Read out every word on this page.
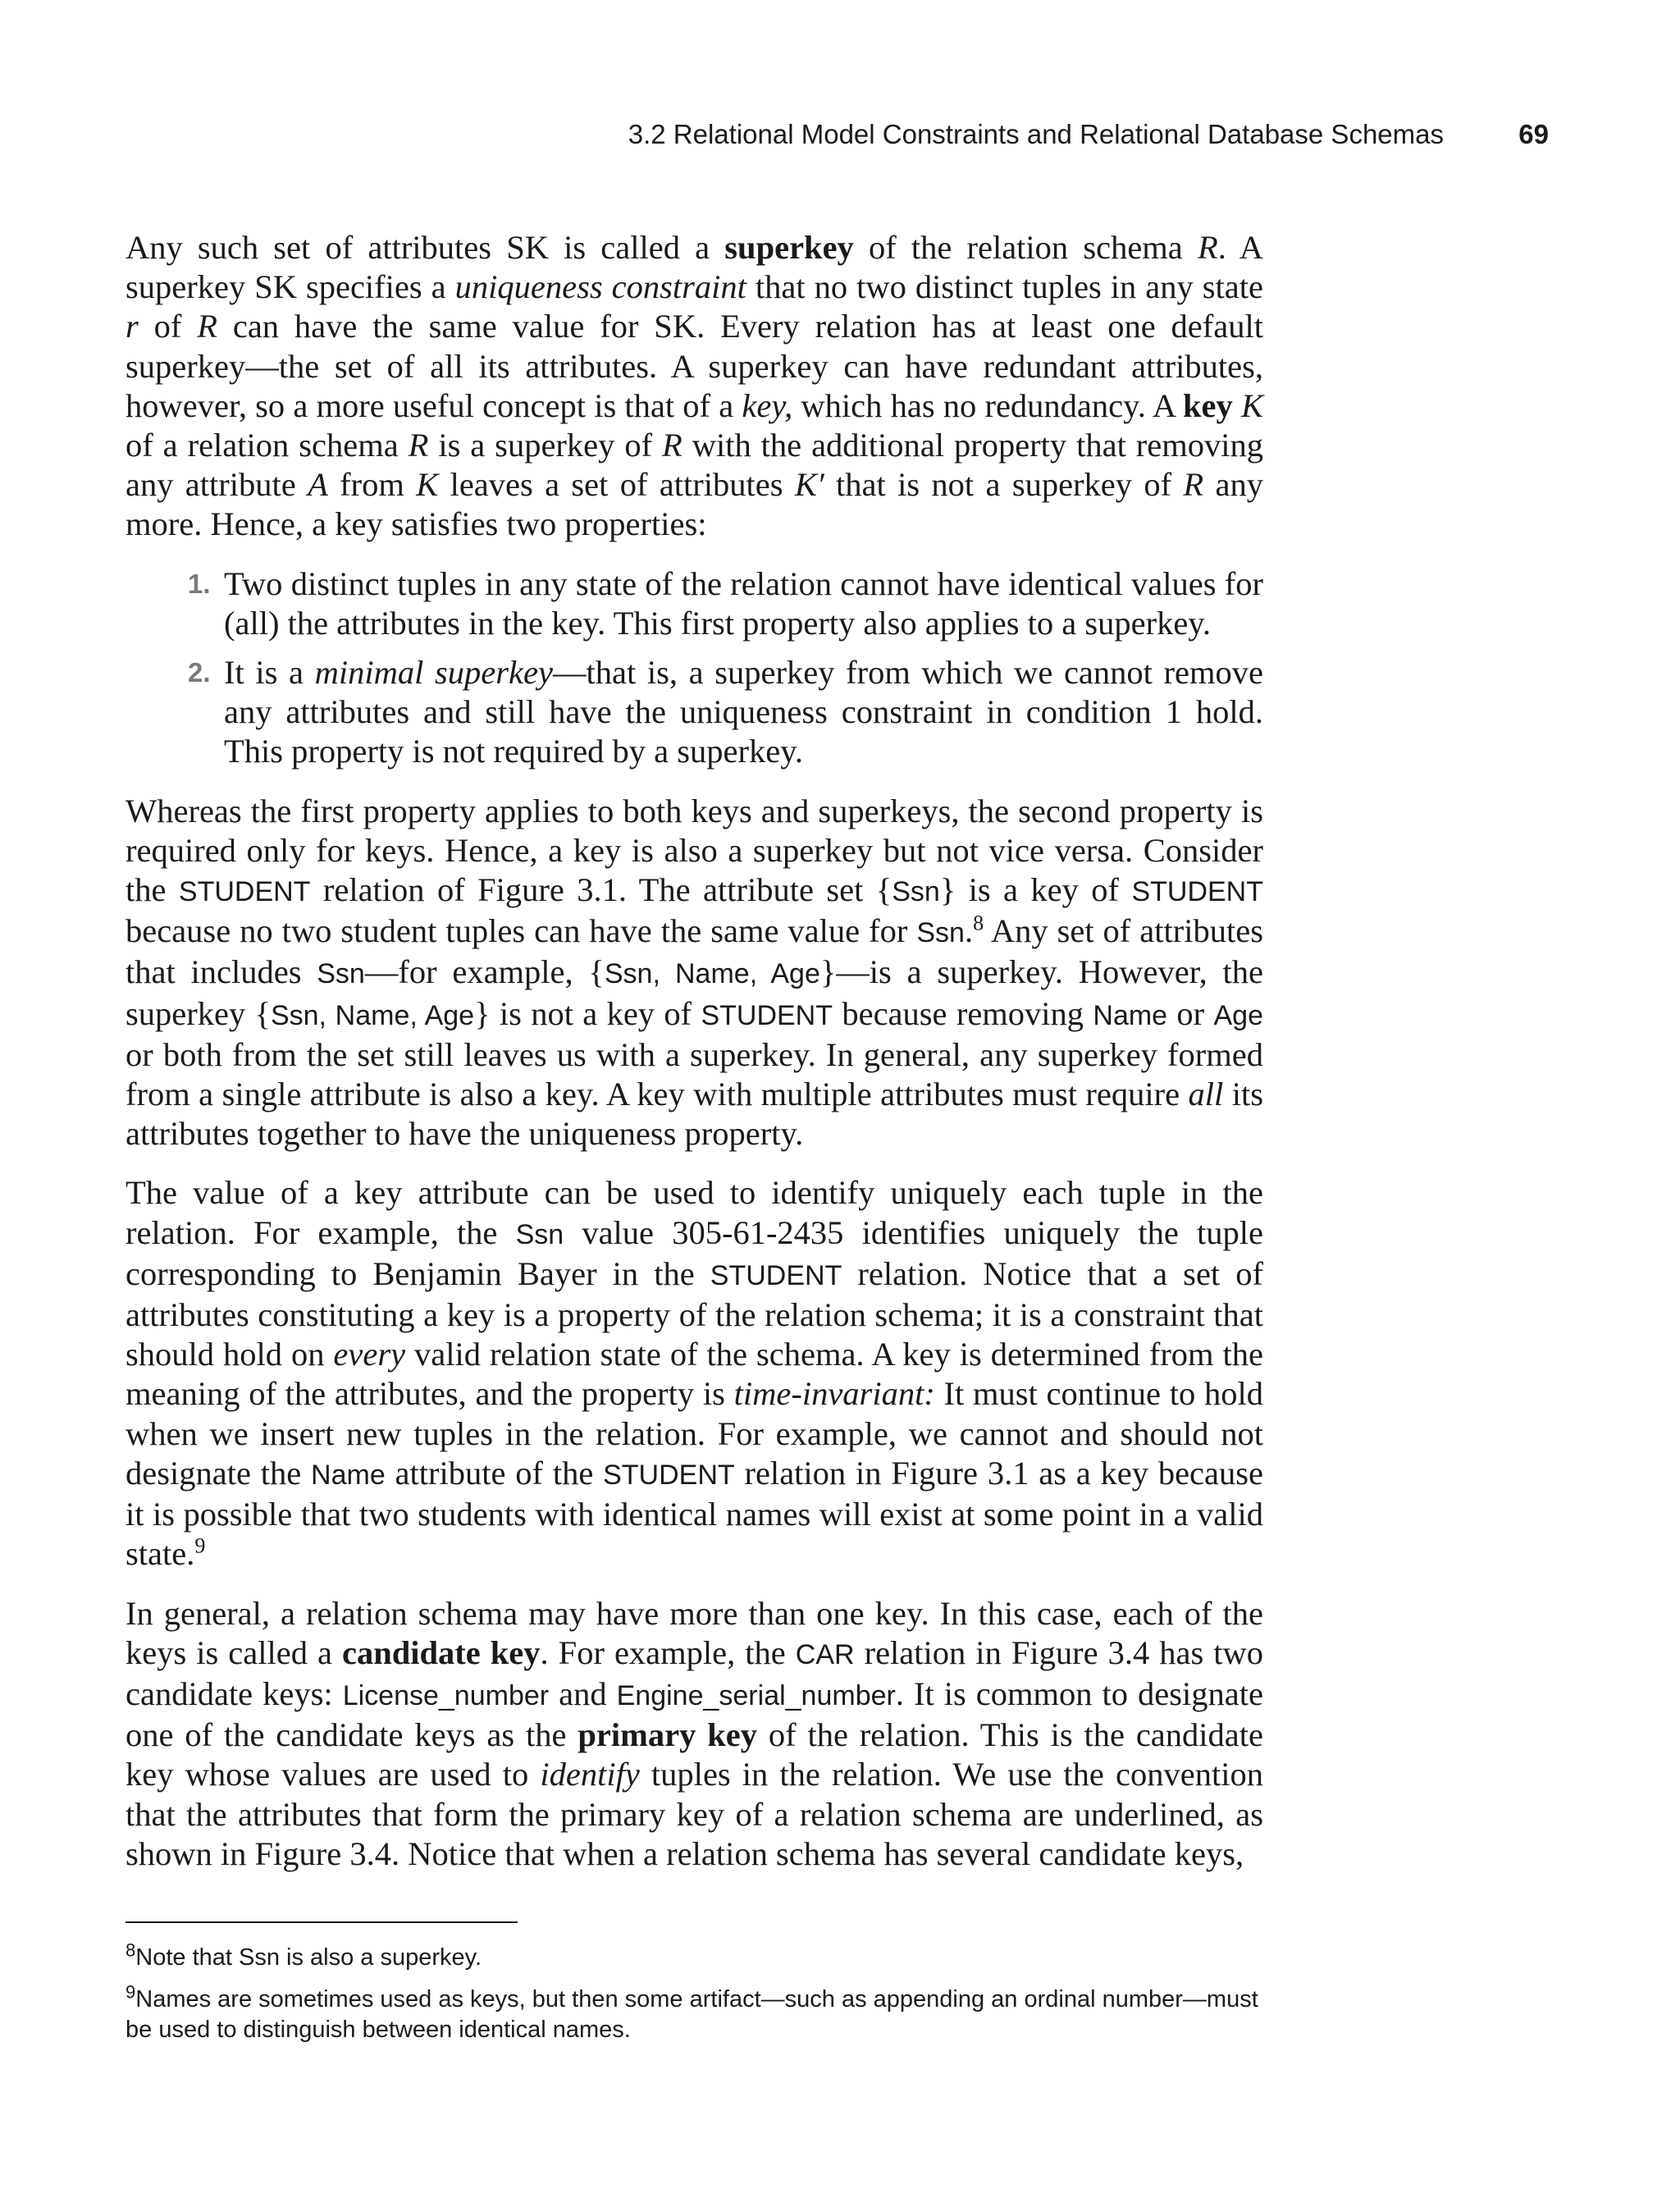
3.2 Relational Model Constraints and Relational Database Schemas	69

Any such set of attributes SK is called a superkey of the relation schema R. A superkey SK specifies a uniqueness constraint that no two distinct tuples in any state r of R can have the same value for SK. Every relation has at least one default superkey—the set of all its attributes. A superkey can have redundant attributes, however, so a more useful concept is that of a key, which has no redundancy. A key K of a relation schema R is a superkey of R with the additional property that removing any attribute A from K leaves a set of attributes K′ that is not a superkey of R any more. Hence, a key satisfies two properties:

1. Two distinct tuples in any state of the relation cannot have identical values for (all) the attributes in the key. This first property also applies to a superkey.
2. It is a minimal superkey—that is, a superkey from which we cannot remove any attributes and still have the uniqueness constraint in condition 1 hold. This property is not required by a superkey.

Whereas the first property applies to both keys and superkeys, the second property is required only for keys. Hence, a key is also a superkey but not vice versa. Consider the STUDENT relation of Figure 3.1. The attribute set {Ssn} is a key of STUDENT because no two student tuples can have the same value for Ssn.$^8$ Any set of attributes that includes Ssn—for example, {Ssn, Name, Age}—is a superkey. However, the superkey {Ssn, Name, Age} is not a key of STUDENT because removing Name or Age or both from the set still leaves us with a superkey. In general, any superkey formed from a single attribute is also a key. A key with multiple attributes must require all its attributes together to have the uniqueness property.

The value of a key attribute can be used to identify uniquely each tuple in the relation. For example, the Ssn value 305-61-2435 identifies uniquely the tuple corresponding to Benjamin Bayer in the STUDENT relation. Notice that a set of attributes constituting a key is a property of the relation schema; it is a constraint that should hold on every valid relation state of the schema. A key is determined from the meaning of the attributes, and the property is time-invariant: It must continue to hold when we insert new tuples in the relation. For example, we cannot and should not designate the Name attribute of the STUDENT relation in Figure 3.1 as a key because it is possible that two students with identical names will exist at some point in a valid state.$^9$

In general, a relation schema may have more than one key. In this case, each of the keys is called a candidate key. For example, the CAR relation in Figure 3.4 has two candidate keys: License_number and Engine_serial_number. It is common to designate one of the candidate keys as the primary key of the relation. This is the candidate key whose values are used to identify tuples in the relation. We use the convention that the attributes that form the primary key of a relation schema are underlined, as shown in Figure 3.4. Notice that when a relation schema has several candidate keys,

$^8$Note that Ssn is also a superkey.

$^9$Names are sometimes used as keys, but then some artifact—such as appending an ordinal number—must be used to distinguish between identical names.
